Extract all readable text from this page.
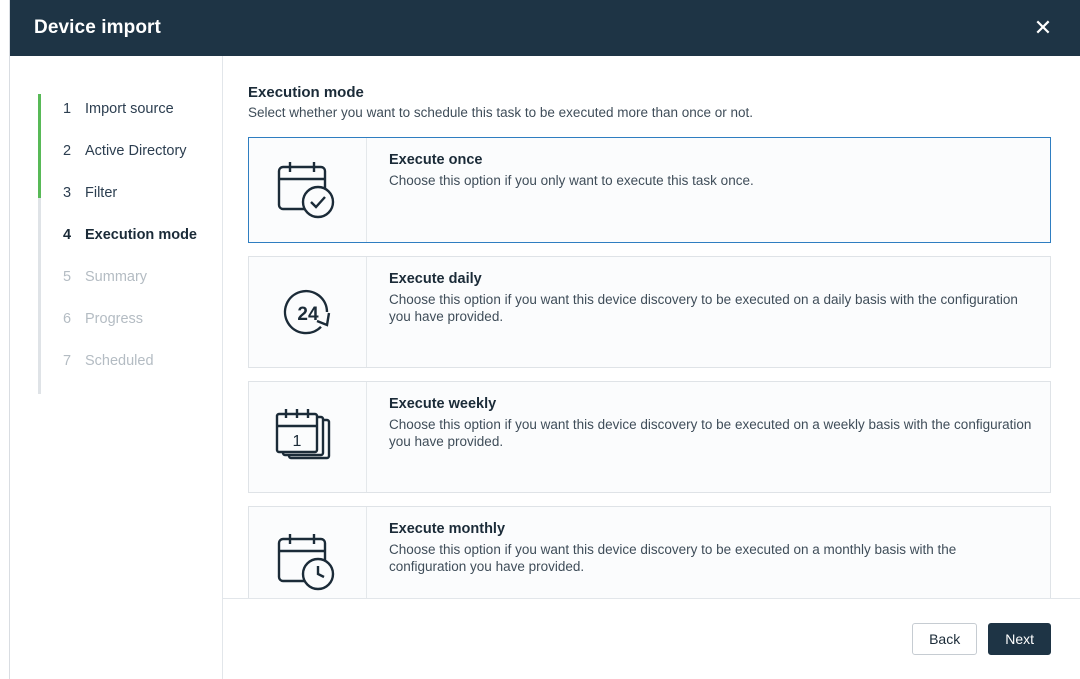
Device import	✕
1 Import source
2 Active Directory
3 Filter
4 Execution mode
5 Summary
6 Progress
7 Scheduled
Execution mode
Select whether you want to schedule this task to be executed more than once or not.
Execute once
Choose this option if you only want to execute this task once.
24
Execute daily
Choose this option if you want this device discovery to be executed on a daily basis with the configuration you have provided.
1
Execute weekly
Choose this option if you want this device discovery to be executed on a weekly basis with the configuration you have provided.
Execute monthly
Choose this option if you want this device discovery to be executed on a monthly basis with the configuration you have provided.
Back	Next
